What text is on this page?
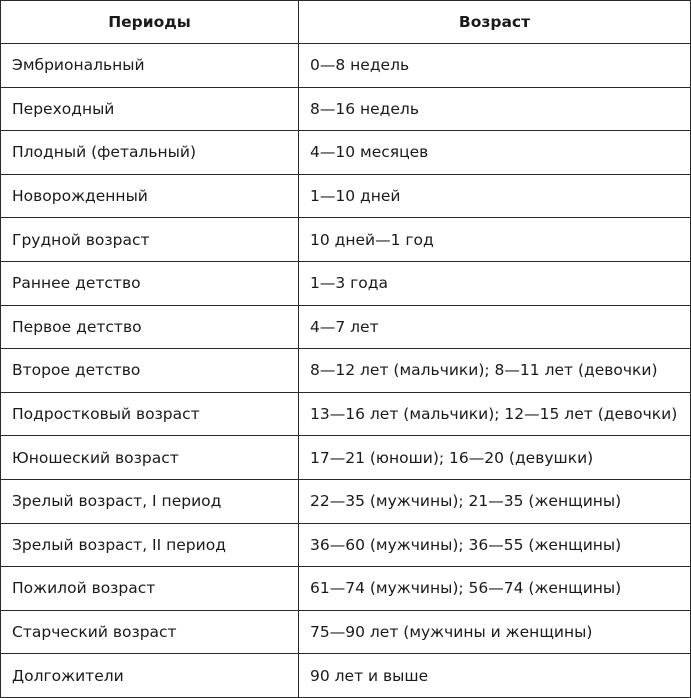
Периоды	Возраст
Эмбриональный	0—8 недель
Переходный	8—16 недель
Плодный (фетальный)	4—10 месяцев
Новорожденный	1—10 дней
Грудной возраст	10 дней—1 год
Раннее детство	1—3 года
Первое детство	4—7 лет
Второе детство	8—12 лет (мальчики); 8—11 лет (девочки)
Подростковый возраст	13—16 лет (мальчики); 12—15 лет (девочки)
Юношеский возраст	17—21 (юноши); 16—20 (девушки)
Зрелый возраст, I период	22—35 (мужчины); 21—35 (женщины)
Зрелый возраст, II период	36—60 (мужчины); 36—55 (женщины)
Пожилой возраст	61—74 (мужчины); 56—74 (женщины)
Старческий возраст	75—90 лет (мужчины и женщины)
Долгожители	90 лет и выше
